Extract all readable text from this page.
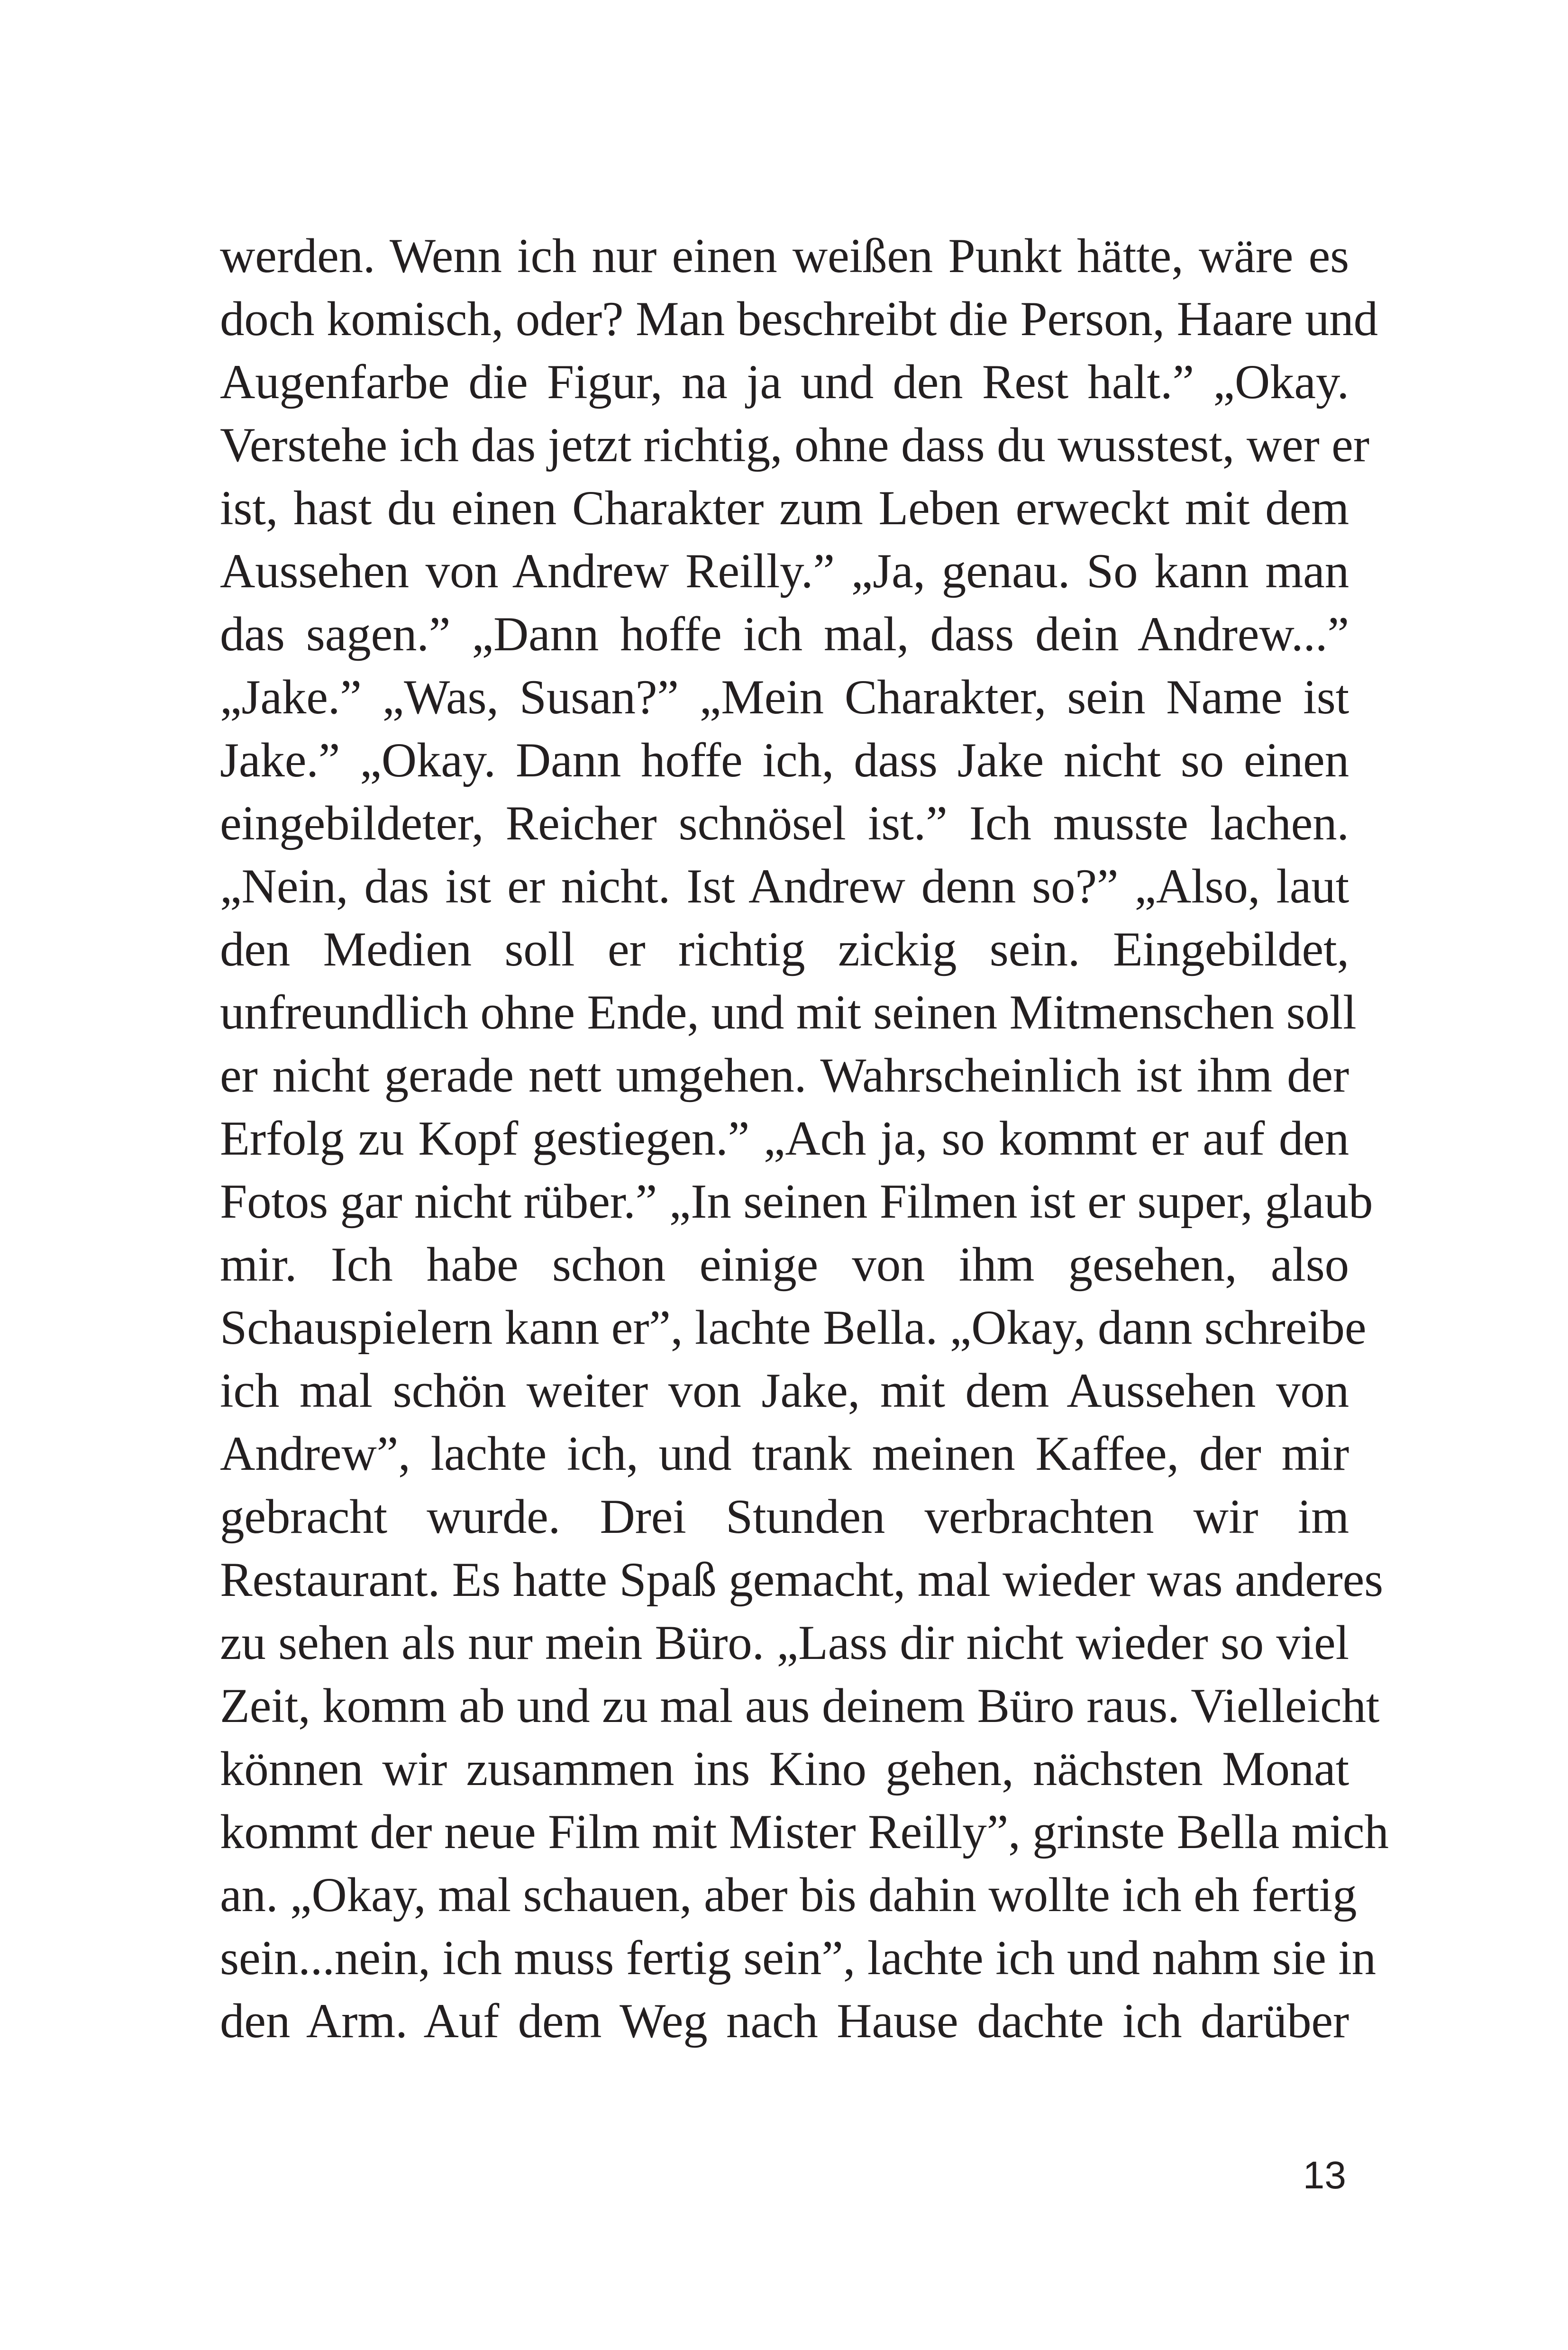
werden. Wenn ich nur einen weißen Punkt hätte, wäre es
doch komisch, oder? Man beschreibt die Person, Haare und
Augenfarbe die Figur, na ja und den Rest halt.” „Okay.
Verstehe ich das jetzt richtig, ohne dass du wusstest, wer er
ist, hast du einen Charakter zum Leben erweckt mit dem
Aussehen von Andrew Reilly.” „Ja, genau. So kann man
das sagen.” „Dann hoffe ich mal, dass dein Andrew...”
„Jake.” „Was, Susan?” „Mein Charakter, sein Name ist
Jake.” „Okay. Dann hoffe ich, dass Jake nicht so einen
eingebildeter, Reicher schnösel ist.” Ich musste lachen.
„Nein, das ist er nicht. Ist Andrew denn so?” „Also, laut
den Medien soll er richtig zickig sein. Eingebildet,
unfreundlich ohne Ende, und mit seinen Mitmenschen soll
er nicht gerade nett umgehen. Wahrscheinlich ist ihm der
Erfolg zu Kopf gestiegen.” „Ach ja, so kommt er auf den
Fotos gar nicht rüber.” „In seinen Filmen ist er super, glaub
mir. Ich habe schon einige von ihm gesehen, also
Schauspielern kann er”, lachte Bella. „Okay, dann schreibe
ich mal schön weiter von Jake, mit dem Aussehen von
Andrew”, lachte ich, und trank meinen Kaffee, der mir
gebracht wurde. Drei Stunden verbrachten wir im
Restaurant. Es hatte Spaß gemacht, mal wieder was anderes
zu sehen als nur mein Büro. „Lass dir nicht wieder so viel
Zeit, komm ab und zu mal aus deinem Büro raus. Vielleicht
können wir zusammen ins Kino gehen, nächsten Monat
kommt der neue Film mit Mister Reilly”, grinste Bella mich
an. „Okay, mal schauen, aber bis dahin wollte ich eh fertig
sein...nein, ich muss fertig sein”, lachte ich und nahm sie in
den Arm. Auf dem Weg nach Hause dachte ich darüber
13
